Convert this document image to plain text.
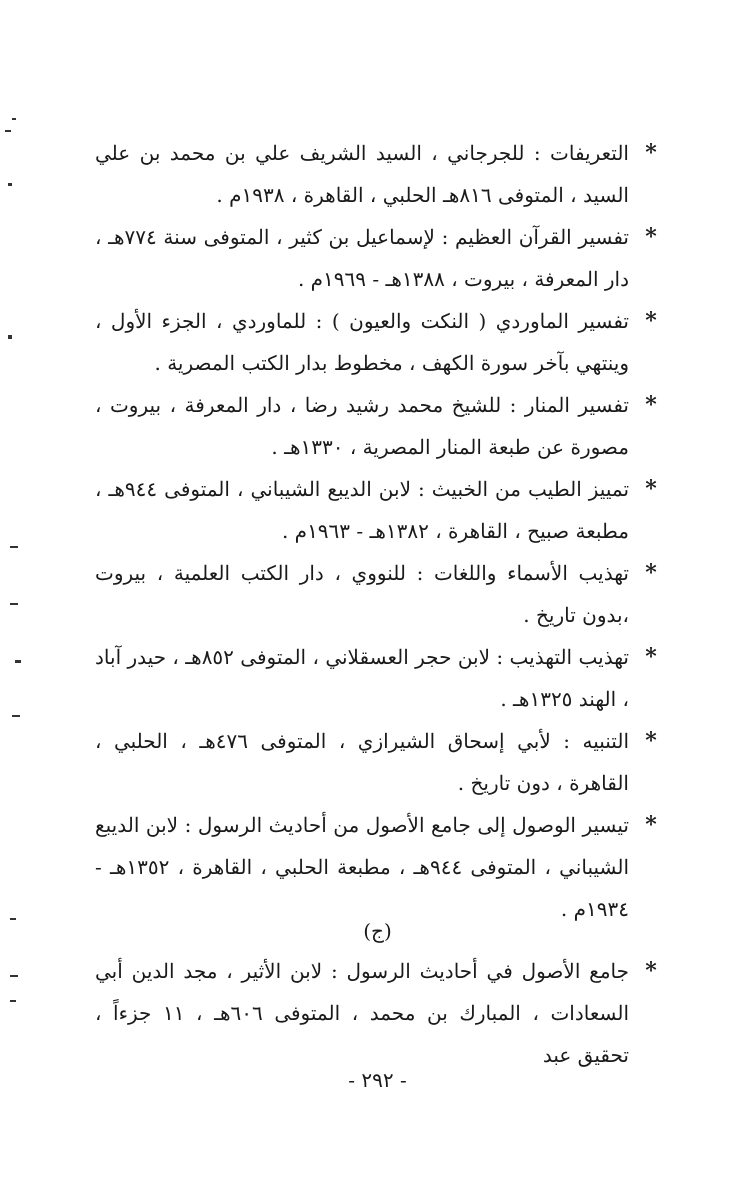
*
التعريفات : للجرجاني ، السيد الشريف علي بن محمد بن علي السيد ، المتوفى ٨١٦هـ الحلبي ، القاهرة ، ١٩٣٨م .
*
تفسير القرآن العظيم : لإسماعيل بن كثير ، المتوفى سنة ٧٧٤هـ ، دار المعرفة ، بيروت ، ١٣٨٨هـ - ١٩٦٩م .
*
تفسير الماوردي ( النكت والعيون ) : للماوردي ، الجزء الأول ، وينتهي بآخر سورة الكهف ، مخطوط بدار الكتب المصرية .
*
تفسير المنار : للشيخ محمد رشيد رضا ، دار المعرفة ، بيروت ، مصورة عن طبعة المنار المصرية ، ١٣٣٠هـ .
*
تمييز الطيب من الخبيث : لابن الديبع الشيباني ، المتوفى ٩٤٤هـ ، مطبعة صبيح ، القاهرة ، ١٣٨٢هـ - ١٩٦٣م .
*
تهذيب الأسماء واللغات : للنووي ، دار الكتب العلمية ، بيروت ،بدون تاريخ .
*
تهذيب التهذيب : لابن حجر العسقلاني ، المتوفى ٨٥٢هـ ، حيدر آباد ، الهند ١٣٢٥هـ .
*
التنبيه : لأبي إسحاق الشيرازي ، المتوفى ٤٧٦هـ ، الحلبي ، القاهرة ، دون تاريخ .
*
تيسير الوصول إلى جامع الأصول من أحاديث الرسول : لابن الديبع الشيباني ، المتوفى ٩٤٤هـ ، مطبعة الحلبي ، القاهرة ، ١٣٥٢هـ - ١٩٣٤م .
(ج)
*
جامع الأصول في أحاديث الرسول : لابن الأثير ، مجد الدين أبي السعادات ، المبارك بن محمد ، المتوفى ٦٠٦هـ ، ١١ جزءاً ، تحقيق عبد
- ٢٩٢ -
